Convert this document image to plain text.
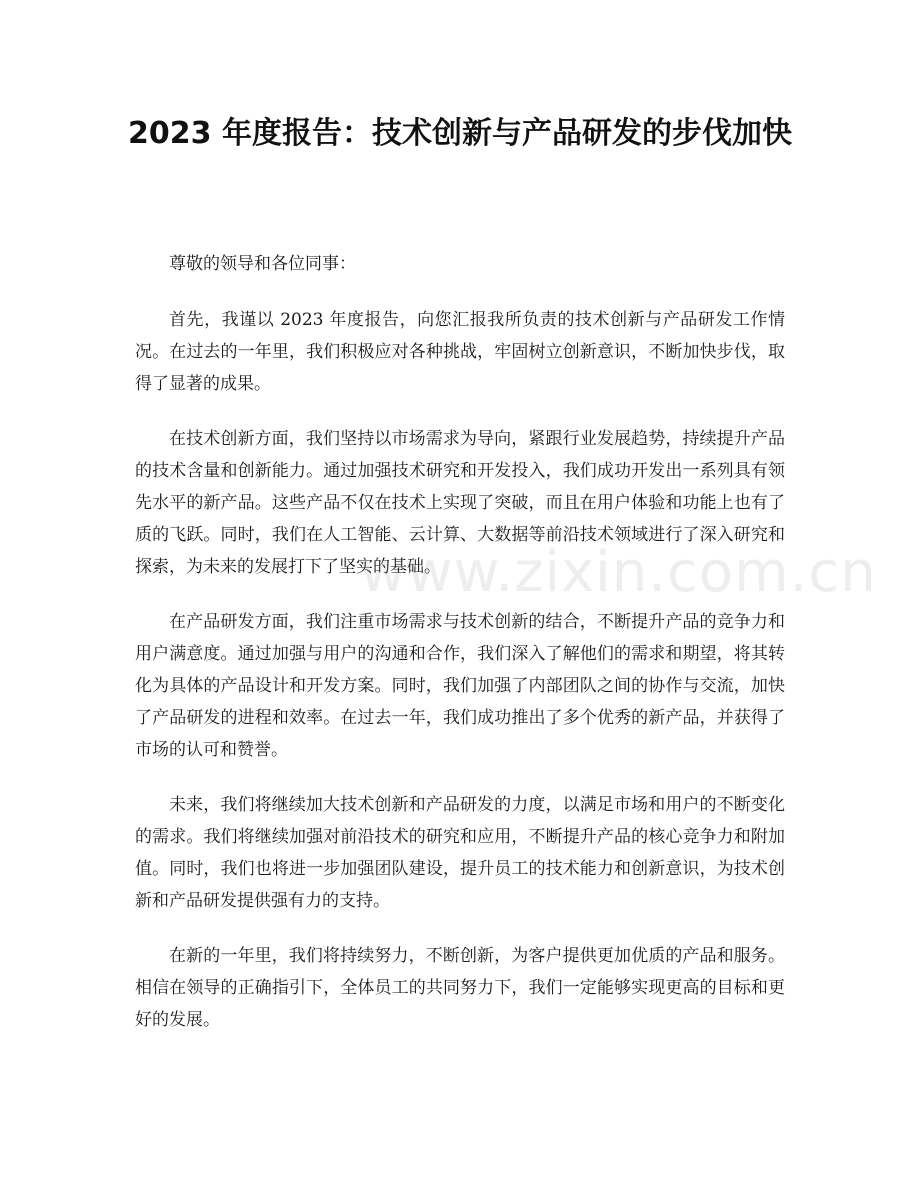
2023 年度报告：技术创新与产品研发的步伐加快

尊敬的领导和各位同事：

首先，我谨以 2023 年度报告，向您汇报我所负责的技术创新与产品研发工作情况。在过去的一年里，我们积极应对各种挑战，牢固树立创新意识，不断加快步伐，取得了显著的成果。

在技术创新方面，我们坚持以市场需求为导向，紧跟行业发展趋势，持续提升产品的技术含量和创新能力。通过加强技术研究和开发投入，我们成功开发出一系列具有领先水平的新产品。这些产品不仅在技术上实现了突破，而且在用户体验和功能上也有了质的飞跃。同时，我们在人工智能、云计算、大数据等前沿技术领域进行了深入研究和探索，为未来的发展打下了坚实的基础。

在产品研发方面，我们注重市场需求与技术创新的结合，不断提升产品的竞争力和用户满意度。通过加强与用户的沟通和合作，我们深入了解他们的需求和期望，将其转化为具体的产品设计和开发方案。同时，我们加强了内部团队之间的协作与交流，加快了产品研发的进程和效率。在过去一年，我们成功推出了多个优秀的新产品，并获得了市场的认可和赞誉。

未来，我们将继续加大技术创新和产品研发的力度，以满足市场和用户的不断变化的需求。我们将继续加强对前沿技术的研究和应用，不断提升产品的核心竞争力和附加值。同时，我们也将进一步加强团队建设，提升员工的技术能力和创新意识，为技术创新和产品研发提供强有力的支持。

在新的一年里，我们将持续努力，不断创新，为客户提供更加优质的产品和服务。相信在领导的正确指引下，全体员工的共同努力下，我们一定能够实现更高的目标和更好的发展。

www.zixin.com.cn
